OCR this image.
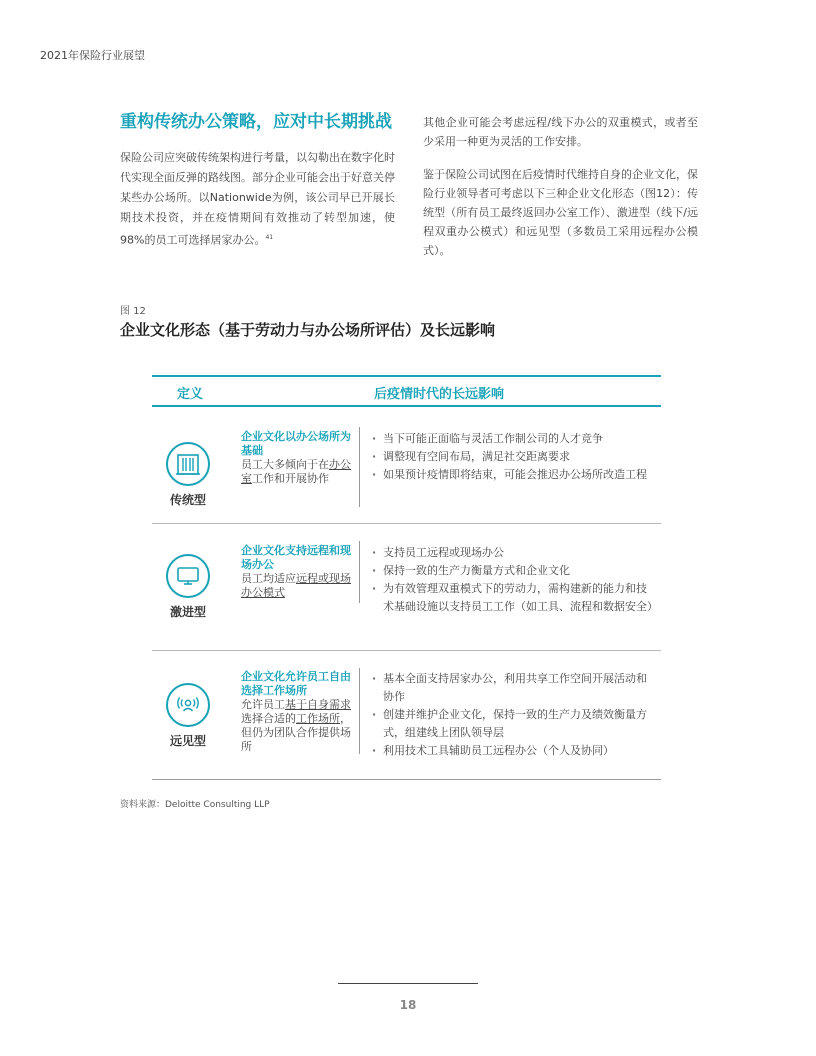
2021年保险行业展望
重构传统办公策略，应对中长期挑战

保险公司应突破传统架构进行考量，以勾勒出在数字化时代实现全面反弹的路线图。部分企业可能会出于好意关停某些办公场所。以Nationwide为例，该公司早已开展长期技术投资，并在疫情期间有效推动了转型加速，使98%的员工可选择居家办公。$^{41}$

其他企业可能会考虑远程/线下办公的双重模式，或者至少采用一种更为灵活的工作安排。

鉴于保险公司试图在后疫情时代维持自身的企业文化，保险行业领导者可考虑以下三种企业文化形态（图12）：传统型（所有员工最终返回办公室工作）、激进型（线下/远程双重办公模式）和远见型（多数员工采用远程办公模式）。

图 12
企业文化形态（基于劳动力与办公场所评估）及长远影响
定义	后疫情时代的长远影响
传统型
企业文化以办公场所为基础
员工大多倾向于在办公室工作和开展协作
· 当下可能正面临与灵活工作制公司的人才竞争
· 调整现有空间布局，满足社交距离要求
· 如果预计疫情即将结束，可能会推迟办公场所改造工程
激进型
企业文化支持远程和现场办公
员工均适应远程或现场办公模式
· 支持员工远程或现场办公
· 保持一致的生产力衡量方式和企业文化
· 为有效管理双重模式下的劳动力，需构建新的能力和技术基础设施以支持员工工作（如工具、流程和数据安全）
远见型
企业文化允许员工自由选择工作场所
允许员工基于自身需求选择合适的工作场所，但仍为团队合作提供场所
· 基本全面支持居家办公，利用共享工作空间开展活动和协作
· 创建并维护企业文化，保持一致的生产力及绩效衡量方式，组建线上团队领导层
· 利用技术工具辅助员工远程办公（个人及协同）
资料来源：Deloitte Consulting LLP
18
